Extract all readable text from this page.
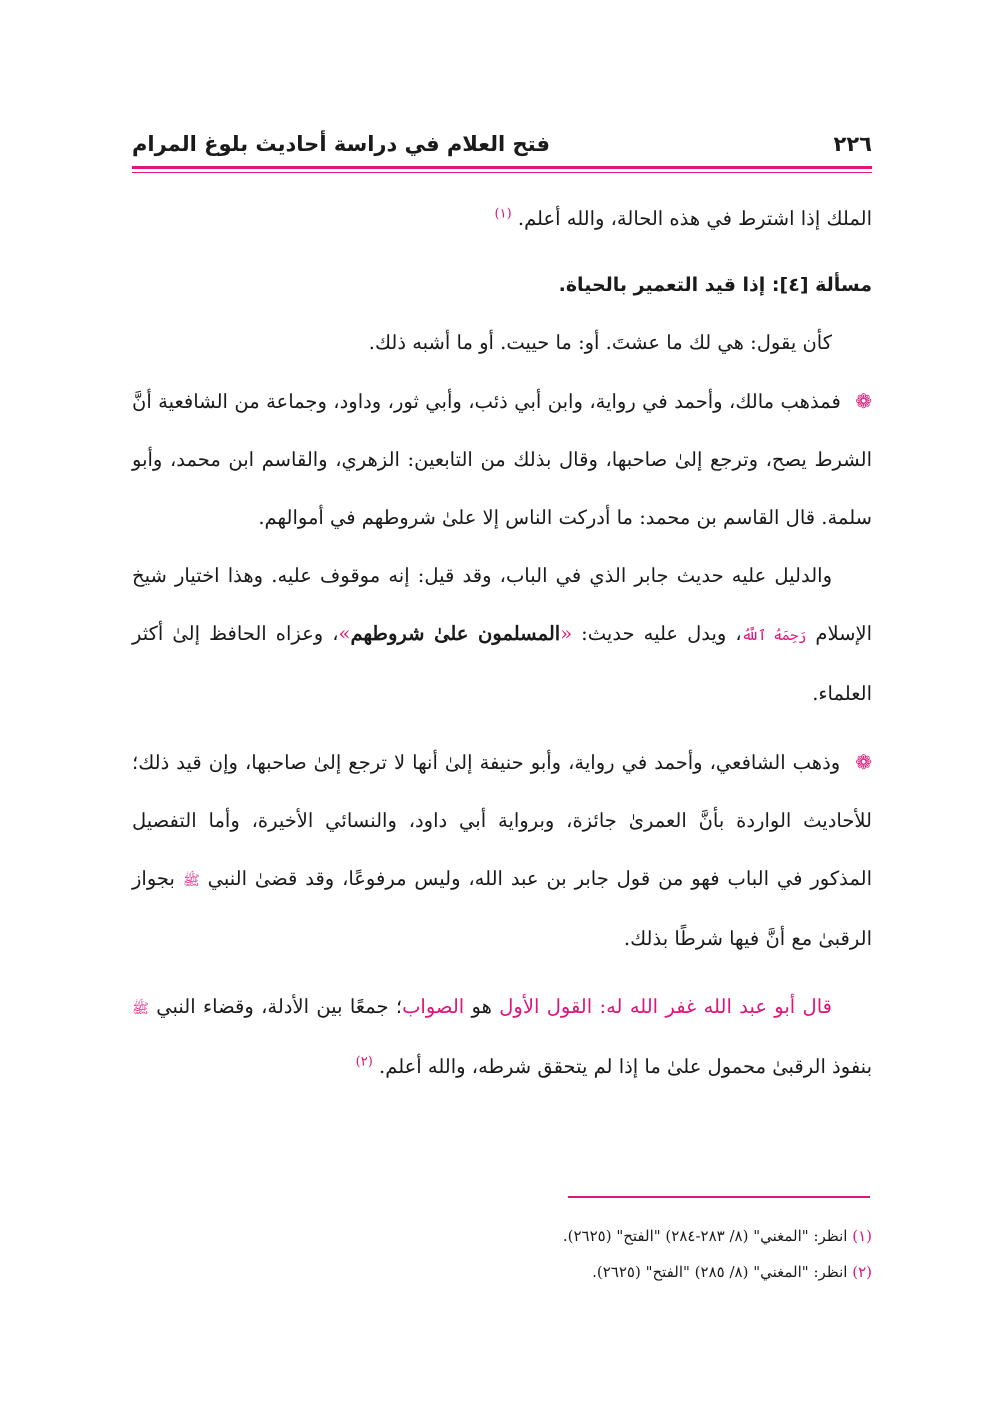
٢٢٦
فتح العلام في دراسة أحاديث بلوغ المرام

الملك إذا اشترط في هذه الحالة، والله أعلم. $^{(١)}$

مسألة [٤]: إذا قيد التعمير بالحياة.

كأن يقول: هي لك ما عشتَ. أو: ما حييت. أو ما أشبه ذلك.

❁ فمذهب مالك، وأحمد في رواية، وابن أبي ذئب، وأبي ثور، وداود، وجماعة من الشافعية أنَّ الشرط يصح، وترجع إلىٰ صاحبها، وقال بذلك من التابعين: الزهري، والقاسم ابن محمد، وأبو سلمة. قال القاسم بن محمد: ما أدركت الناس إلا علىٰ شروطهم في أموالهم.

والدليل عليه حديث جابر الذي في الباب، وقد قيل: إنه موقوف عليه. وهذا اختيار شيخ الإسلام رَحِمَهُ ٱللَّهُ، ويدل عليه حديث: «المسلمون علىٰ شروطهم»، وعزاه الحافظ إلىٰ أكثر العلماء.

❁ وذهب الشافعي، وأحمد في رواية، وأبو حنيفة إلىٰ أنها لا ترجع إلىٰ صاحبها، وإن قيد ذلك؛ للأحاديث الواردة بأنَّ العمرىٰ جائزة، وبرواية أبي داود، والنسائي الأخيرة، وأما التفصيل المذكور في الباب فهو من قول جابر بن عبد الله، وليس مرفوعًا، وقد قضىٰ النبي ﷺ بجواز الرقبىٰ مع أنَّ فيها شرطًا بذلك.

قال أبو عبد الله غفر الله له: القول الأول هو الصواب؛ جمعًا بين الأدلة، وقضاء النبي ﷺ بنفوذ الرقبىٰ محمول علىٰ ما إذا لم يتحقق شرطه، والله أعلم. $^{(٢)}$

(١) انظر: "المغني" (٨/ ٢٨٣-٢٨٤) "الفتح" (٢٦٢٥).

(٢) انظر: "المغني" (٨/ ٢٨٥) "الفتح" (٢٦٢٥).
